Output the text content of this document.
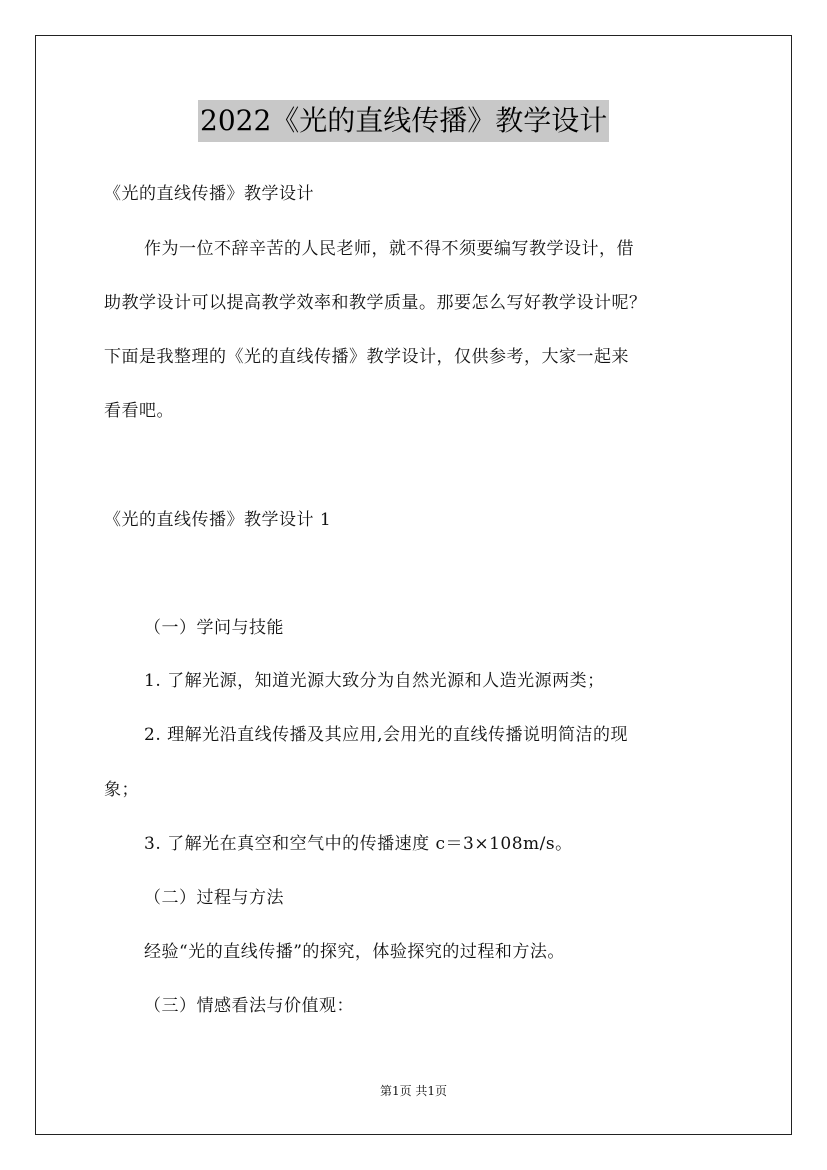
2022《光的直线传播》教学设计
《光的直线传播》教学设计
作为一位不辞辛苦的人民老师，就不得不须要编写教学设计，借
助教学设计可以提高教学效率和教学质量。那要怎么写好教学设计呢？
下面是我整理的《光的直线传播》教学设计，仅供参考，大家一起来
看看吧。
《光的直线传播》教学设计 1
（一）学问与技能
1. 了解光源，知道光源大致分为自然光源和人造光源两类；
2. 理解光沿直线传播及其应用,会用光的直线传播说明简洁的现
象；
3. 了解光在真空和空气中的传播速度 c＝3×108m/s。
（二）过程与方法
经验“光的直线传播”的探究，体验探究的过程和方法。
（三）情感看法与价值观：
第1页 共1页
